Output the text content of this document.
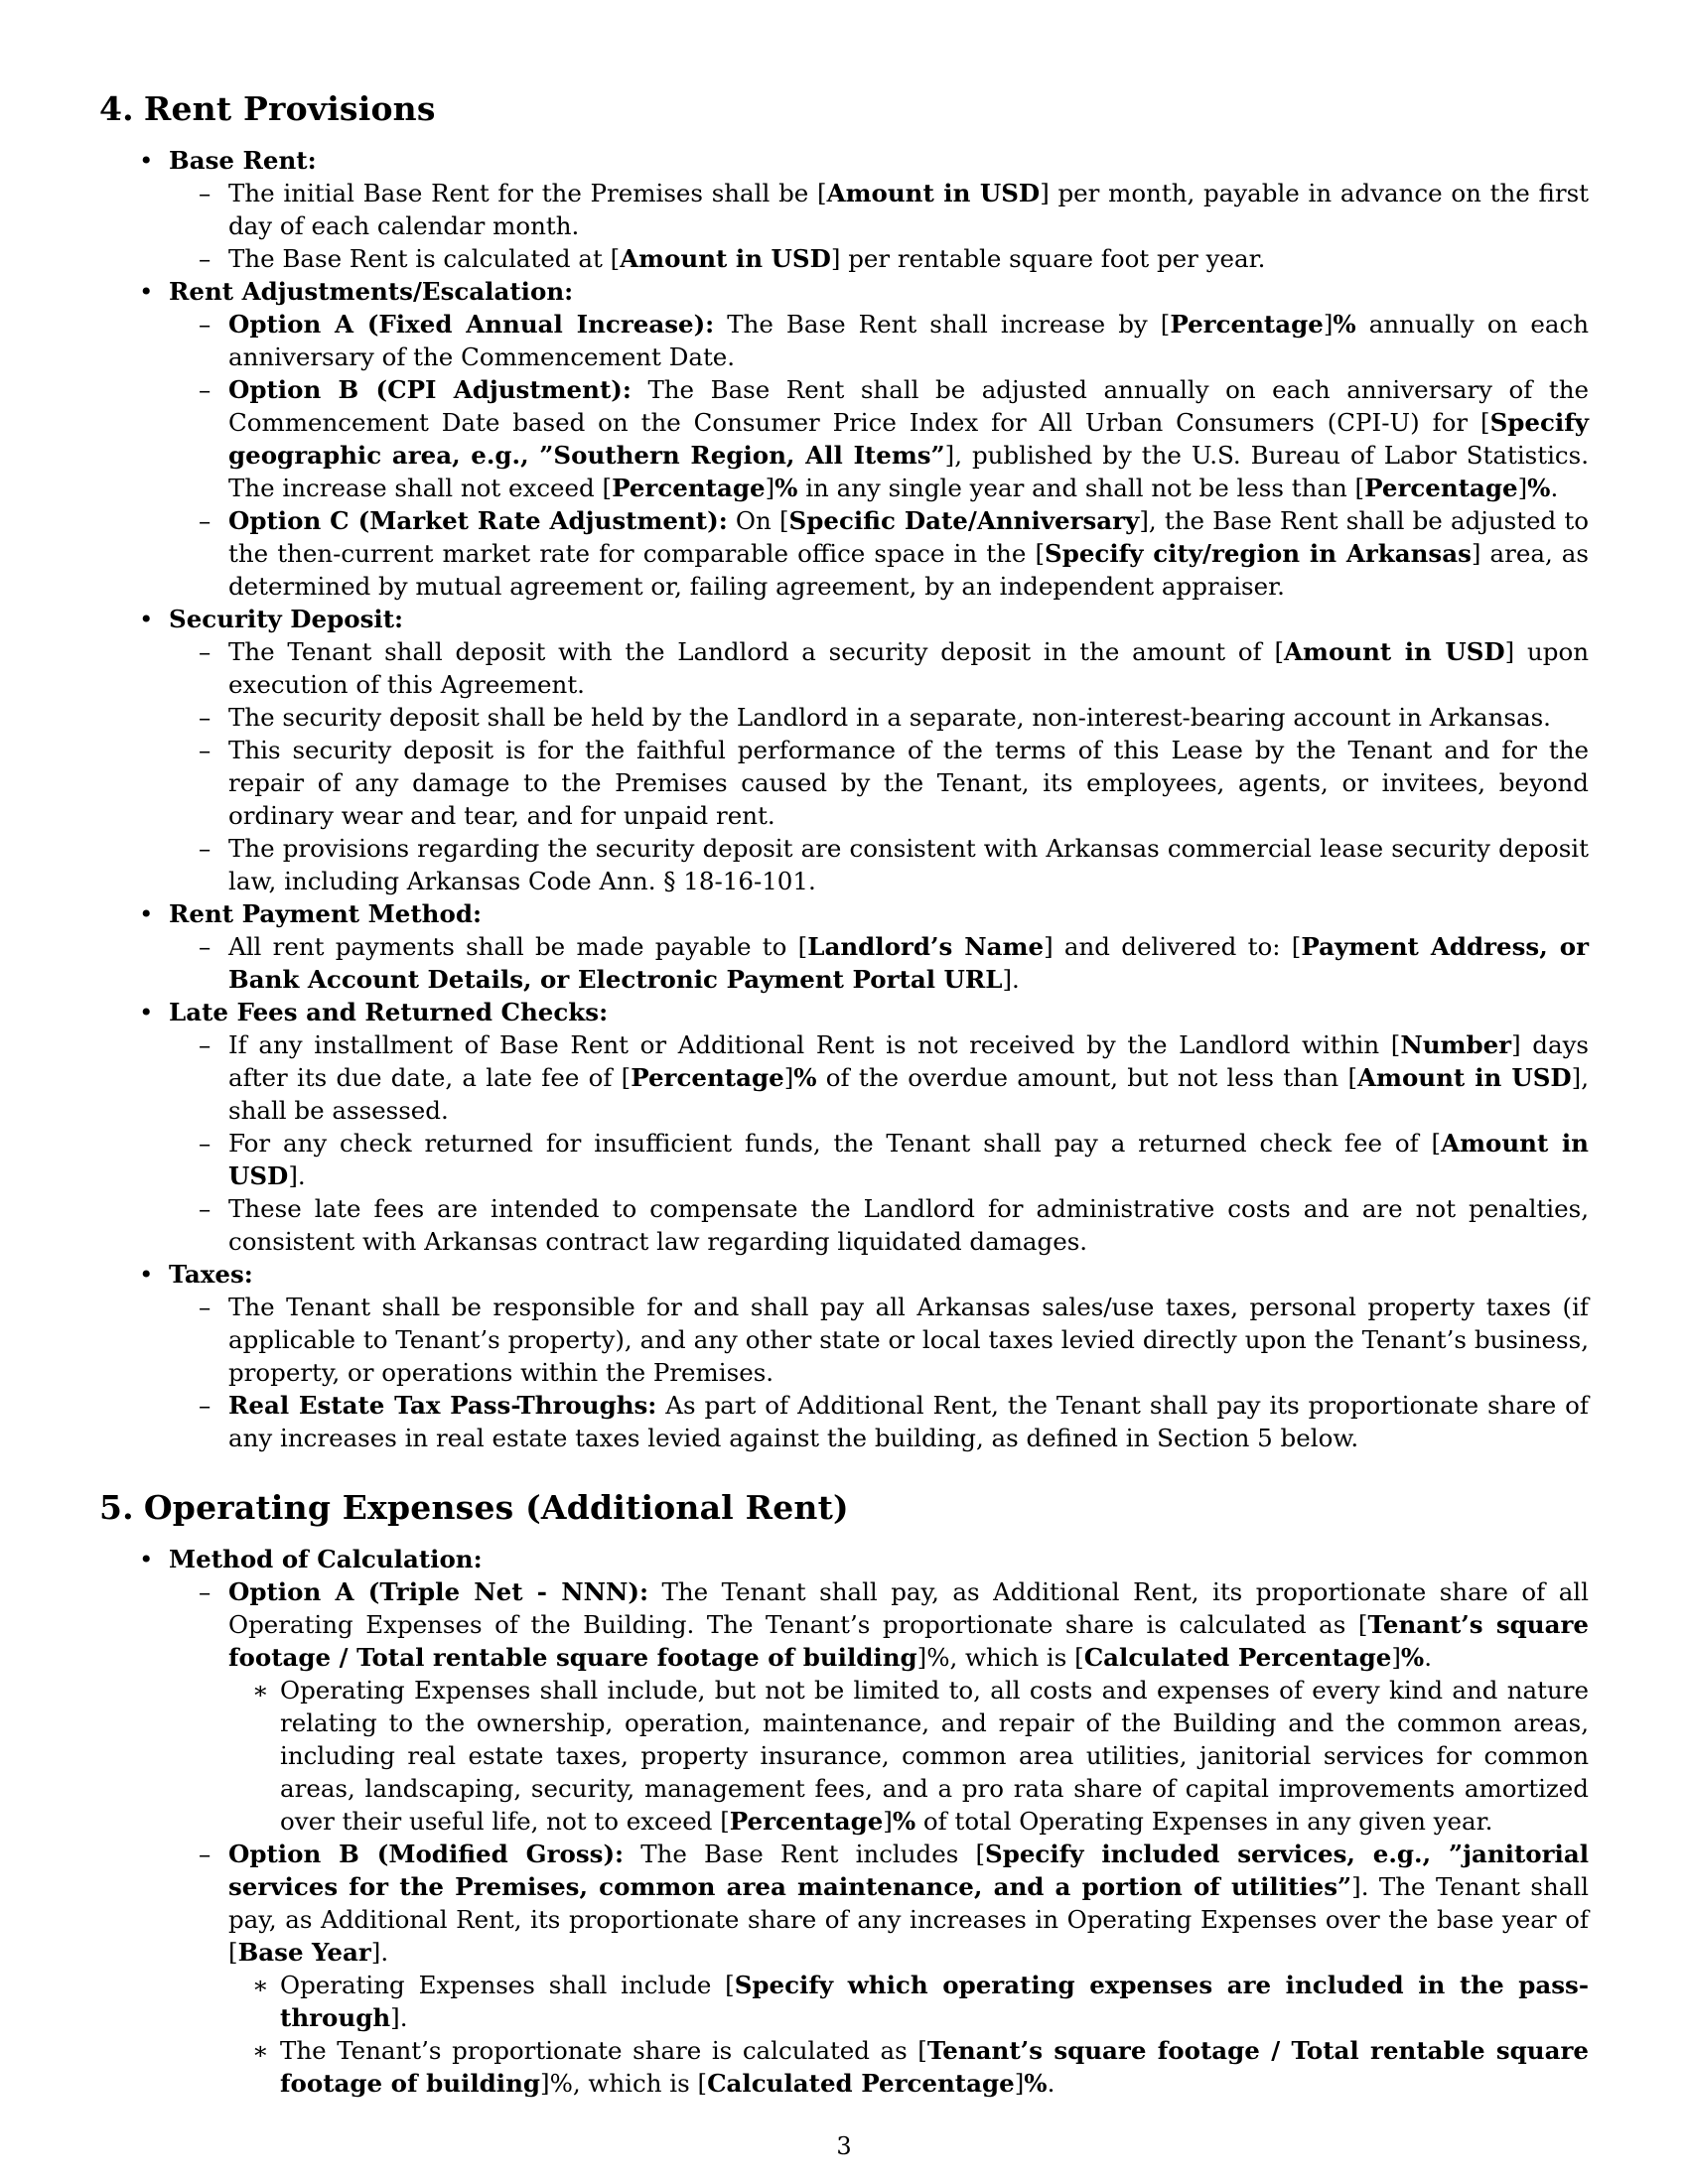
4. Rent Provisions
• Base Rent:
– The initial Base Rent for the Premises shall be [Amount in USD] per month, payable in advance on the first day of each calendar month.
– The Base Rent is calculated at [Amount in USD] per rentable square foot per year.
• Rent Adjustments/Escalation:
– Option A (Fixed Annual Increase): The Base Rent shall increase by [Percentage]% annually on each anniversary of the Commencement Date.
– Option B (CPI Adjustment): The Base Rent shall be adjusted annually on each anniversary of the Commencement Date based on the Consumer Price Index for All Urban Consumers (CPI-U) for [Specify geographic area, e.g., ”Southern Region, All Items”], published by the U.S. Bureau of Labor Statistics. The increase shall not exceed [Percentage]% in any single year and shall not be less than [Percentage]%.
– Option C (Market Rate Adjustment): On [Specific Date/Anniversary], the Base Rent shall be adjusted to the then-current market rate for comparable office space in the [Specify city/region in Arkansas] area, as determined by mutual agreement or, failing agreement, by an independent appraiser.
• Security Deposit:
– The Tenant shall deposit with the Landlord a security deposit in the amount of [Amount in USD] upon execution of this Agreement.
– The security deposit shall be held by the Landlord in a separate, non-interest-bearing account in Arkansas.
– This security deposit is for the faithful performance of the terms of this Lease by the Tenant and for the repair of any damage to the Premises caused by the Tenant, its employees, agents, or invitees, beyond ordinary wear and tear, and for unpaid rent.
– The provisions regarding the security deposit are consistent with Arkansas commercial lease security deposit law, including Arkansas Code Ann. § 18-16-101.
• Rent Payment Method:
– All rent payments shall be made payable to [Landlord’s Name] and delivered to: [Payment Address, or Bank Account Details, or Electronic Payment Portal URL].
• Late Fees and Returned Checks:
– If any installment of Base Rent or Additional Rent is not received by the Landlord within [Number] days after its due date, a late fee of [Percentage]% of the overdue amount, but not less than [Amount in USD], shall be assessed.
– For any check returned for insufficient funds, the Tenant shall pay a returned check fee of [Amount in USD].
– These late fees are intended to compensate the Landlord for administrative costs and are not penalties, consistent with Arkansas contract law regarding liquidated damages.
• Taxes:
– The Tenant shall be responsible for and shall pay all Arkansas sales/use taxes, personal property taxes (if applicable to Tenant’s property), and any other state or local taxes levied directly upon the Tenant’s business, property, or operations within the Premises.
– Real Estate Tax Pass-Throughs: As part of Additional Rent, the Tenant shall pay its proportionate share of any increases in real estate taxes levied against the building, as defined in Section 5 below.
5. Operating Expenses (Additional Rent)
• Method of Calculation:
– Option A (Triple Net - NNN): The Tenant shall pay, as Additional Rent, its proportionate share of all Operating Expenses of the Building. The Tenant’s proportionate share is calculated as [Tenant’s square footage / Total rentable square footage of building]%, which is [Calculated Percentage]%.
∗ Operating Expenses shall include, but not be limited to, all costs and expenses of every kind and nature relating to the ownership, operation, maintenance, and repair of the Building and the common areas, including real estate taxes, property insurance, common area utilities, janitorial services for common areas, landscaping, security, management fees, and a pro rata share of capital improvements amortized over their useful life, not to exceed [Percentage]% of total Operating Expenses in any given year.
– Option B (Modified Gross): The Base Rent includes [Specify included services, e.g., ”janitorial services for the Premises, common area maintenance, and a portion of utilities”]. The Tenant shall pay, as Additional Rent, its proportionate share of any increases in Operating Expenses over the base year of [Base Year].
∗ Operating Expenses shall include [Specify which operating expenses are included in the pass-through].
∗ The Tenant’s proportionate share is calculated as [Tenant’s square footage / Total rentable square footage of building]%, which is [Calculated Percentage]%.
3
